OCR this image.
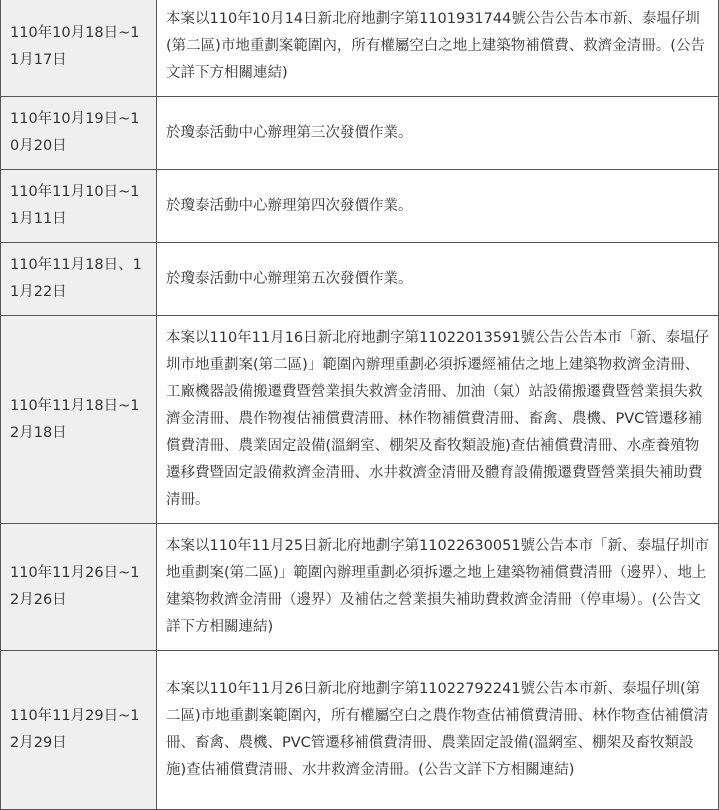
110年10月18日~11月17日	本案以110年10月14日新北府地劃字第1101931744號公告公告本市新、泰塭仔圳(第二區)市地重劃案範圍內，所有權屬空白之地上建築物補償費、救濟金清冊。(公告文詳下方相關連結)
110年10月19日~10月20日	於瓊泰活動中心辦理第三次發價作業。
110年11月10日~11月11日	於瓊泰活動中心辦理第四次發價作業。
110年11月18日、11月22日	於瓊泰活動中心辦理第五次發價作業。
110年11月18日~12月18日	本案以110年11月16日新北府地劃字第11022013591號公告公告本市「新、泰塭仔圳市地重劃案(第二區)」範圍內辦理重劃必須拆遷經補估之地上建築物救濟金清冊、工廠機器設備搬遷費暨營業損失救濟金清冊、加油（氣）站設備搬遷費暨營業損失救濟金清冊、農作物複估補償費清冊、林作物補償費清冊、畜禽、農機、PVC管遷移補償費清冊、農業固定設備(溫網室、棚架及畜牧類設施)查估補償費清冊、水產養殖物遷移費暨固定設備救濟金清冊、水井救濟金清冊及體育設備搬遷費暨營業損失補助費清冊。
110年11月26日~12月26日	本案以110年11月25日新北府地劃字第11022630051號公告本市「新、泰塭仔圳市地重劃案(第二區)」範圍內辦理重劃必須拆遷之地上建築物補償費清冊（邊界）、地上建築物救濟金清冊（邊界）及補估之營業損失補助費救濟金清冊（停車場）。(公告文詳下方相關連結)
110年11月29日~12月29日	本案以110年11月26日新北府地劃字第11022792241號公告本市新、泰塭仔圳(第二區)市地重劃案範圍內，所有權屬空白之農作物查估補償費清冊、林作物查估補償清冊、畜禽、農機、PVC管遷移補償費清冊、農業固定設備(溫網室、棚架及畜牧類設施)查估補償費清冊、水井救濟金清冊。(公告文詳下方相關連結)
